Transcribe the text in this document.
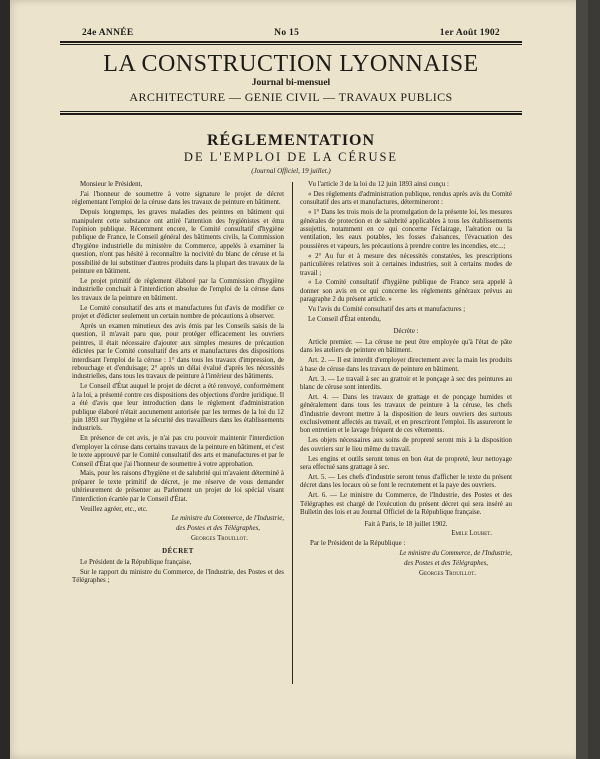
24e ANNÉE	No 15	1er Août 1902
LA CONSTRUCTION LYONNAISE
Journal bi-mensuel
ARCHITECTURE — GENIE CIVIL — TRAVAUX PUBLICS
RÉGLEMENTATION
DE L'EMPLOI DE LA CÉRUSE
(Journal Officiel, 19 juillet.)

Monsieur le Président,

J'ai l'honneur de soumettre à votre signature le projet de décret réglementant l'emploi de la céruse dans les travaux de peinture en bâtiment.

Depuis longtemps, les graves maladies des peintres en bâtiment qui manipulent cette substance ont attiré l'attention des hygiénistes et ému l'opinion publique. Récemment encore, le Comité consultatif d'hygiène publique de France, le Conseil général des bâtiments civils, la Commission d'hygiène industrielle du ministère du Commerce, appelés à examiner la question, n'ont pas hésité à reconnaître la nocivité du blanc de céruse et la possibilité de lui substituer d'autres produits dans la plupart des travaux de la peinture en bâtiment.

Le projet primitif de règlement élaboré par la Commission d'hygiène industrielle concluait à l'interdiction absolue de l'emploi de la céruse dans les travaux de la peinture en bâtiment.

Le Comité consultatif des arts et manufactures fut d'avis de modifier ce projet et d'édicter seulement un certain nombre de précautions à observer.

Après un examen minutieux des avis émis par les Conseils saisis de la question, il m'avait paru que, pour protéger efficacement les ouvriers peintres, il était nécessaire d'ajouter aux simples mesures de précaution édictées par le Comité consultatif des arts et manufactures des dispositions interdisant l'emploi de la céruse : 1° dans tous les travaux d'impression, de rebouchage et d'enduisage; 2° après un délai évalué d'après les nécessités industrielles, dans tous les travaux de peinture à l'intérieur des bâtiments.

Le Conseil d'État auquel le projet de décret a été renvoyé, conformément à la loi, a présenté contre ces dispositions des objections d'ordre juridique. Il a été d'avis que leur introduction dans le règlement d'administration publique élaboré n'était aucunement autorisée par les termes de la loi du 12 juin 1893 sur l'hygiène et la sécurité des travailleurs dans les établissements industriels.

En présence de cet avis, je n'ai pas cru pouvoir maintenir l'interdiction d'employer la céruse dans certains travaux de la peinture en bâtiment, et c'est le texte approuvé par le Comité consultatif des arts et manufactures et par le Conseil d'État que j'ai l'honneur de soumettre à votre approbation.

Mais, pour les raisons d'hygiène et de salubrité qui m'avaient déterminé à préparer le texte primitif de décret, je me réserve de vous demander ultérieurement de présenter au Parlement un projet de loi spécial visant l'interdiction écartée par le Conseil d'État.

Veuillez agréer, etc., etc.

Le ministre du Commerce, de l'Industrie,

des Postes et des Télégraphes,

Georges Trouillot.

DÉCRET

Le Président de la République française,

Sur le rapport du ministre du Commerce, de l'Industrie, des Postes et des Télégraphes ;

Vu l'article 3 de la loi du 12 juin 1893 ainsi conçu :

« Des règlements d'administration publique, rendus après avis du Comité consultatif des arts et manufactures, détermineront :

« 1° Dans les trois mois de la promulgation de la présente loi, les mesures générales de protection et de salubrité applicables à tous les établissements assujettis, notamment en ce qui concerne l'éclairage, l'aération ou la ventilation, les eaux potables, les fosses d'aisances, l'évacuation des poussières et vapeurs, les précautions à prendre contre les incendies, etc...;

« 2° Au fur et à mesure des nécessités constatées, les prescriptions particulières relatives soit à certaines industries, soit à certains modes de travail ;

« Le Comité consultatif d'hygiène publique de France sera appelé à donner son avis en ce qui concerne les règlements généraux prévus au paragraphe 2 du présent article. »

Vu l'avis du Comité consultatif des arts et manufactures ;

Le Conseil d'État entendu,

Décrète :

Article premier. — La céruse ne peut être employée qu'à l'état de pâte dans les ateliers de peinture en bâtiment.

Art. 2. — Il est interdit d'employer directement avec la main les produits à base de céruse dans les travaux de peinture en bâtiment.

Art. 3. — Le travail à sec au grattoir et le ponçage à sec des peintures au blanc de céruse sont interdits.

Art. 4. — Dans les travaux de grattage et de ponçage humides et généralement dans tous les travaux de peinture à la céruse, les chefs d'industrie devront mettre à la disposition de leurs ouvriers des surtouts exclusivement affectés au travail, et en prescriront l'emploi. Ils assureront le bon entretien et le lavage fréquent de ces vêtements.

Les objets nécessaires aux soins de propreté seront mis à la disposition des ouvriers sur le lieu même du travail.

Les engins et outils seront tenus en bon état de propreté, leur nettoyage sera effectué sans grattage à sec.

Art. 5. — Les chefs d'industrie seront tenus d'afficher le texte du présent décret dans les locaux où se font le recrutement et la paye des ouvriers.

Art. 6. — Le ministre du Commerce, de l'Industrie, des Postes et des Télégraphes est chargé de l'exécution du présent décret qui sera inséré au Bulletin des lois et au Journal Officiel de la République française.

Fait à Paris, le 18 juillet 1902.

Emile Loubet.

Par le Président de la République :

Le ministre du Commerce, de l'Industrie,

des Postes et des Télégraphes,

Georges Trouillot.
